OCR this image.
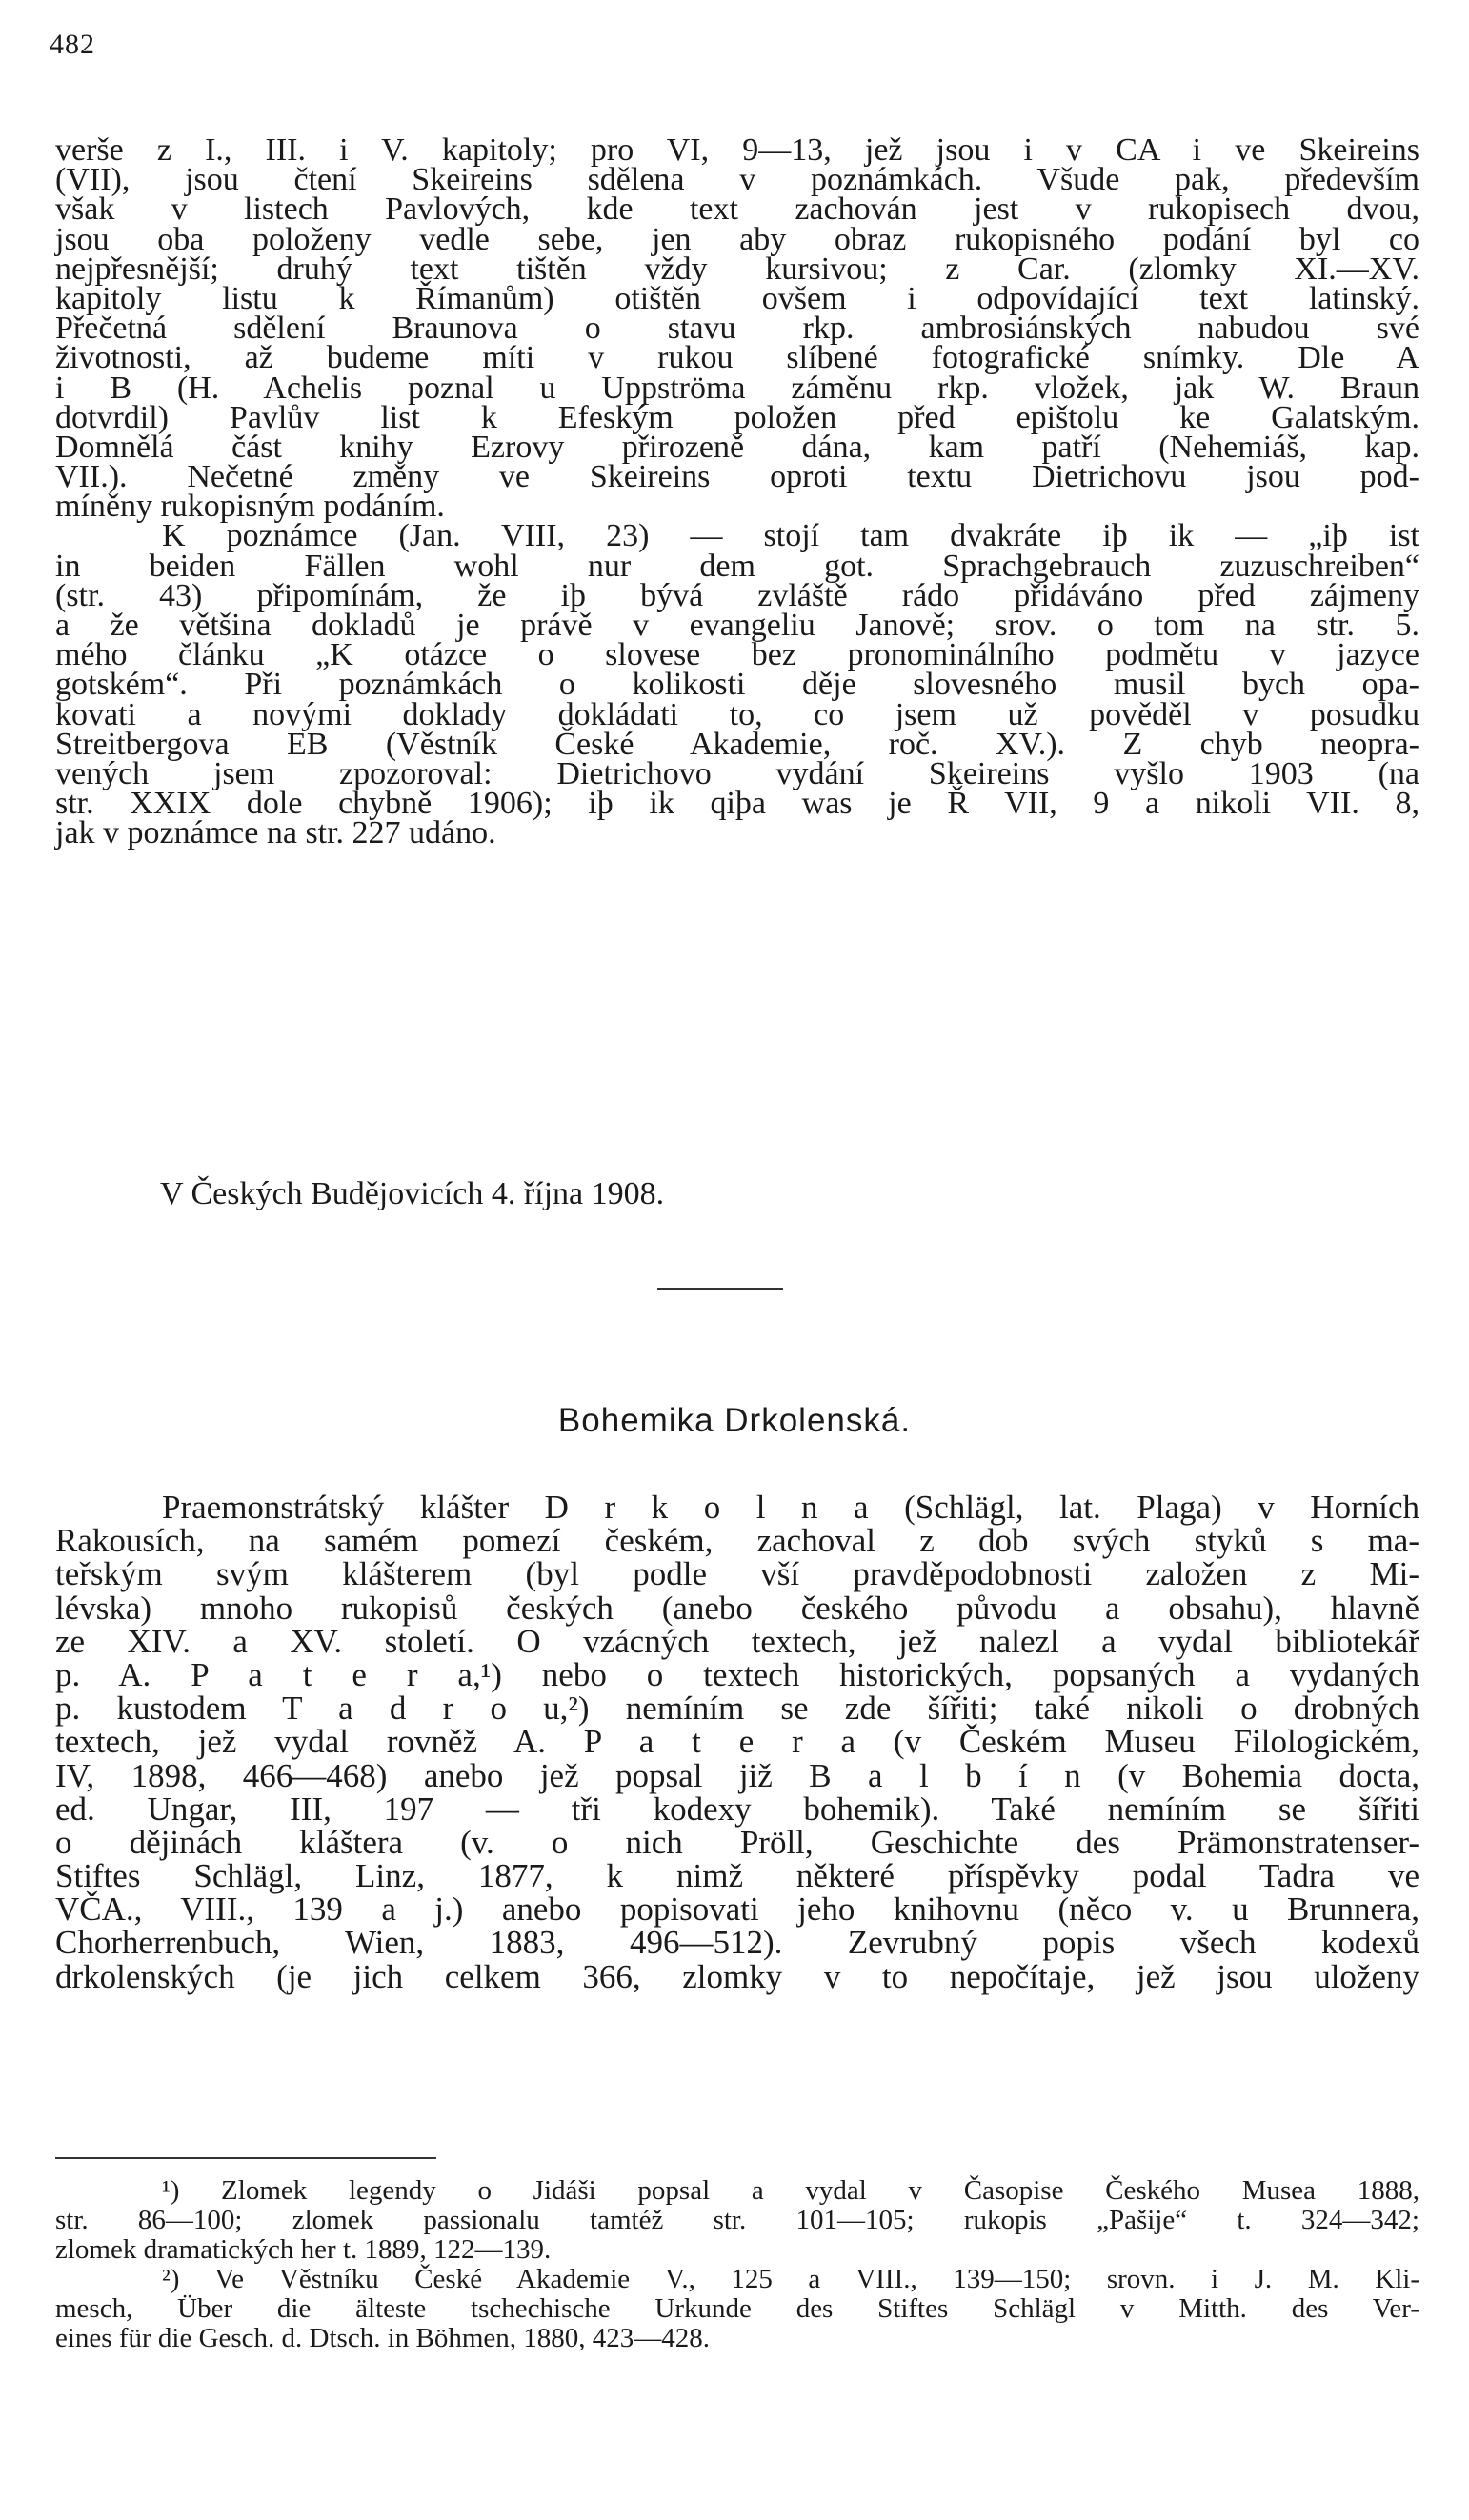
482
verše z I., III. i V. kapitoly; pro VI, 9—13, jež jsou i v CA i ve Skeireins
(VII), jsou čtení Skeireins sdělena v poznámkách. Všude pak, především
však v listech Pavlových, kde text zachován jest v rukopisech dvou,
jsou oba položeny vedle sebe, jen aby obraz rukopisného podání byl co
nejpřesnější; druhý text tištěn vždy kursivou; z Car. (zlomky XI.—XV.
kapitoly listu k Římanům) otištěn ovšem i odpovídající text latinský.
Přečetná sdělení Braunova o stavu rkp. ambrosiánských nabudou své
životnosti, až budeme míti v rukou slíbené fotografické snímky. Dle A
i B (H. Achelis poznal u Uppströma záměnu rkp. vložek, jak W. Braun
dotvrdil) Pavlův list k Efeským položen před epištolu ke Galatským.
Domnělá část knihy Ezrovy přirozeně dána, kam patří (Nehemiáš, kap.
VII.). Nečetné změny ve Skeireins oproti textu Dietrichovu jsou pod-
míněny rukopisným podáním.
K poznámce (Jan. VIII, 23) — stojí tam dvakráte iþ ik — „iþ ist
in beiden Fällen wohl nur dem got. Sprachgebrauch zuzuschreiben“
(str. 43) připomínám, že iþ bývá zvláště rádo přidáváno před zájmeny
a že většina dokladů je právě v evangeliu Janově; srov. o tom na str. 5.
mého článku „K otázce o slovese bez pronominálního podmětu v jazyce
gotském“. Při poznámkách o kolikosti děje slovesného musil bych opa-
kovati a novými doklady dokládati to, co jsem už pověděl v posudku
Streitbergova EB (Věstník České Akademie, roč. XV.). Z chyb neopra-
vených jsem zpozoroval: Dietrichovo vydání Skeireins vyšlo 1903 (na
str. XXIX dole chybně 1906); iþ ik qiþa was je Ř VII, 9 a nikoli VII. 8,
jak v poznámce na str. 227 udáno.
V Českých Budějovicích 4. října 1908.
Bohemika Drkolenská.
Praemonstrátský klášter D r k o l n a (Schlägl, lat. Plaga) v Horních
Rakousích, na samém pomezí českém, zachoval z dob svých styků s ma-
teřským svým klášterem (byl podle vší pravděpodobnosti založen z Mi-
lévska) mnoho rukopisů českých (anebo českého původu a obsahu), hlavně
ze XIV. a XV. století. O vzácných textech, jež nalezl a vydal bibliotekář
p. A. P a t e r a,¹) nebo o textech historických, popsaných a vydaných
p. kustodem T a d r o u,²) nemíním se zde šířiti; také nikoli o drobných
textech, jež vydal rovněž A. P a t e r a (v Českém Museu Filologickém,
IV, 1898, 466—468) anebo jež popsal již B a l b í n (v Bohemia docta,
ed. Ungar, III, 197 — tři kodexy bohemik). Také nemíním se šířiti
o dějinách kláštera (v. o nich Pröll, Geschichte des Prämonstratenser-
Stiftes Schlägl, Linz, 1877, k nimž některé příspěvky podal Tadra ve
VČA., VIII., 139 a j.) anebo popisovati jeho knihovnu (něco v. u Brunnera,
Chorherrenbuch, Wien, 1883, 496—512). Zevrubný popis všech kodexů
drkolenských (je jich celkem 366, zlomky v to nepočítaje, jež jsou uloženy
¹) Zlomek legendy o Jidáši popsal a vydal v Časopise Českého Musea 1888,
str. 86—100; zlomek passionalu tamtéž str. 101—105; rukopis „Pašije“ t. 324—342;
zlomek dramatických her t. 1889, 122—139.
²) Ve Věstníku České Akademie V., 125 a VIII., 139—150; srovn. i J. M. Kli-
mesch, Über die älteste tschechische Urkunde des Stiftes Schlägl v Mitth. des Ver-
eines für die Gesch. d. Dtsch. in Böhmen, 1880, 423—428.
